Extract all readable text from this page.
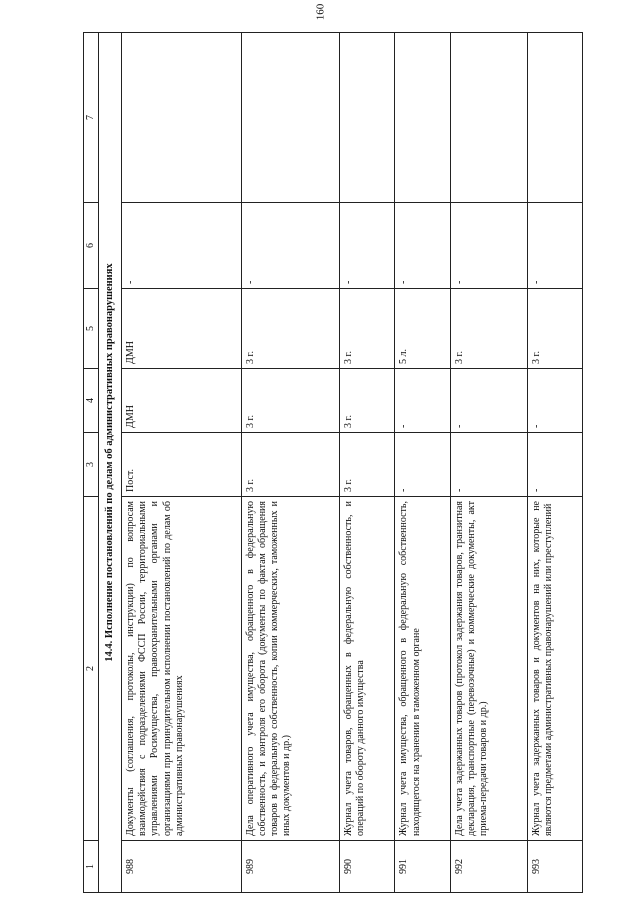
160
1	2	3	4	5	6	7
14.4. Исполнение постановлений по делам об административных правонарушениях						
988	Документы (соглашения, протоколы, инструкции) по вопросам взаимодействия с подразделениями ФССП России, территориальными управлениями Росимущества, правоохранительными органами и организациями при принудительном исполнении постановлений по делам об административных правонарушениях	Пост.	ДМН	ДМН	-	
989	Дела оперативного учета имущества, обращенного в федеральную собственность, и контроля его оборота (документы по фактам обращения товаров в федеральную собственность, копии коммерческих, таможенных и иных документов и др.)	3 г.	3 г.	3 г.	-	
990	Журнал учета товаров, обращенных в федеральную собственность, и операций по обороту данного имущества	3 г.	3 г.	3 г.	-	
991	Журнал учета имущества, обращенного в федеральную собственность, находящегося на хранении в таможенном органе	-	-	5 л.	-	
992	Дела учета задержанных товаров (протокол задержания товаров, транзитная декларация, транспортные (перевозочные) и коммерческие документы, акт приема-передачи товаров и др.)	-	-	3 г.	-	
993	Журнал учета задержанных товаров и документов на них, которые не являются предметами административных правонарушений или преступлений	-	-	3 г.	-	
